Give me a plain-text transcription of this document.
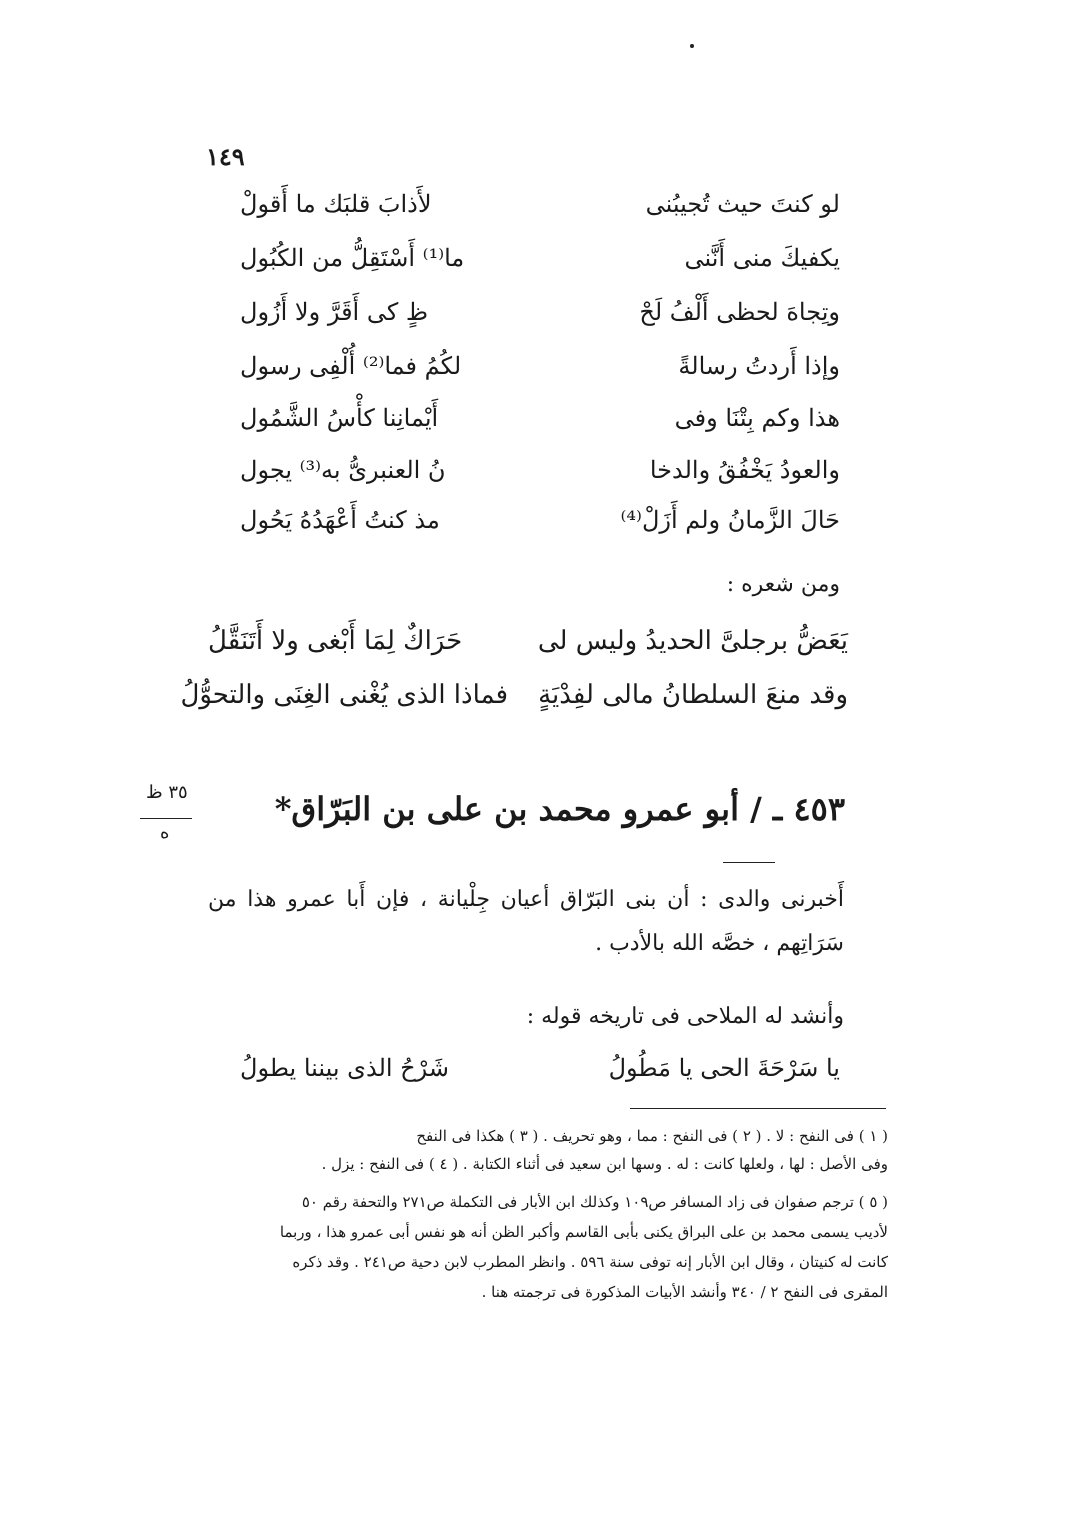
١٤٩
لو كنتَ حيث تُجيبُنى
لأَذابَ قلبَك ما أَقولْ
يكفيكَ منى أَنَّنى
ما⁽¹⁾ أَسْتَقِلُّ من الكُبُول
وتِجاهَ لحظى أَلْفُ لَحْ
ظٍ كى أَقَرَّ ولا أَزُول
وإذا أَردتُ رسالةً
لكُمُ فما⁽²⁾ أُلْفِى رسول
هذا وكم بِتْنَا وفى
أَيْمانِنا كأْسُ الشَّمُول
والعودُ يَخْفُقُ والدخا
نُ العنبرىُّ به⁽³⁾ يجول
حَالَ الزَّمانُ ولم أَزَلْ⁽⁴⁾
مذ كنتُ أَعْهَدُهُ يَحُول
ومن شعره :
يَعَضُّ برجلىَّ الحديدُ وليس لى
حَرَاكٌ لِمَا أَبْغى ولا أَتَنَقَّلُ
وقد منعَ السلطانُ مالى لفِدْيَةٍ
فماذا الذى يُغْنى الغِنَى والتحوُّلُ
٣٥ ظ
ه
٤٥٣ ـ / أبو عمرو محمد بن على بن البَرّاق*
أَخبرنى والدى : أن بنى البَرّاق أعيان جِلْيانة ، فإن أَبا عمرو هذا من سَرَاتِهم ، خصَّه الله بالأدب .
وأنشد له الملاحى فى تاريخه قوله :
يا سَرْحَةَ الحى يا مَطُولُ
شَرْحُ الذى بيننا يطولُ
( ١ ) فى النفح : لا . ( ٢ ) فى النفح : مما ، وهو تحريف . ( ٣ ) هكذا فى النفح
وفى الأصل : لها ، ولعلها كانت : له . وسها ابن سعيد فى أثناء الكتابة . ( ٤ ) فى النفح : يزل .
( ٥ ) ترجم صفوان فى زاد المسافر ص١٠٩ وكذلك ابن الأبار فى التكملة ص٢٧١ والتحفة رقم ٥٠
لأديب يسمى محمد بن على البراق يكنى بأبى القاسم وأكبر الظن أنه هو نفس أبى عمرو هذا ، وربما
كانت له كنيتان ، وقال ابن الأبار إنه توفى سنة ٥٩٦ . وانظر المطرب لابن دحية ص٢٤١ . وقد ذكره
المقرى فى النفح ٢ / ٣٤٠ وأنشد الأبيات المذكورة فى ترجمته هنا .
